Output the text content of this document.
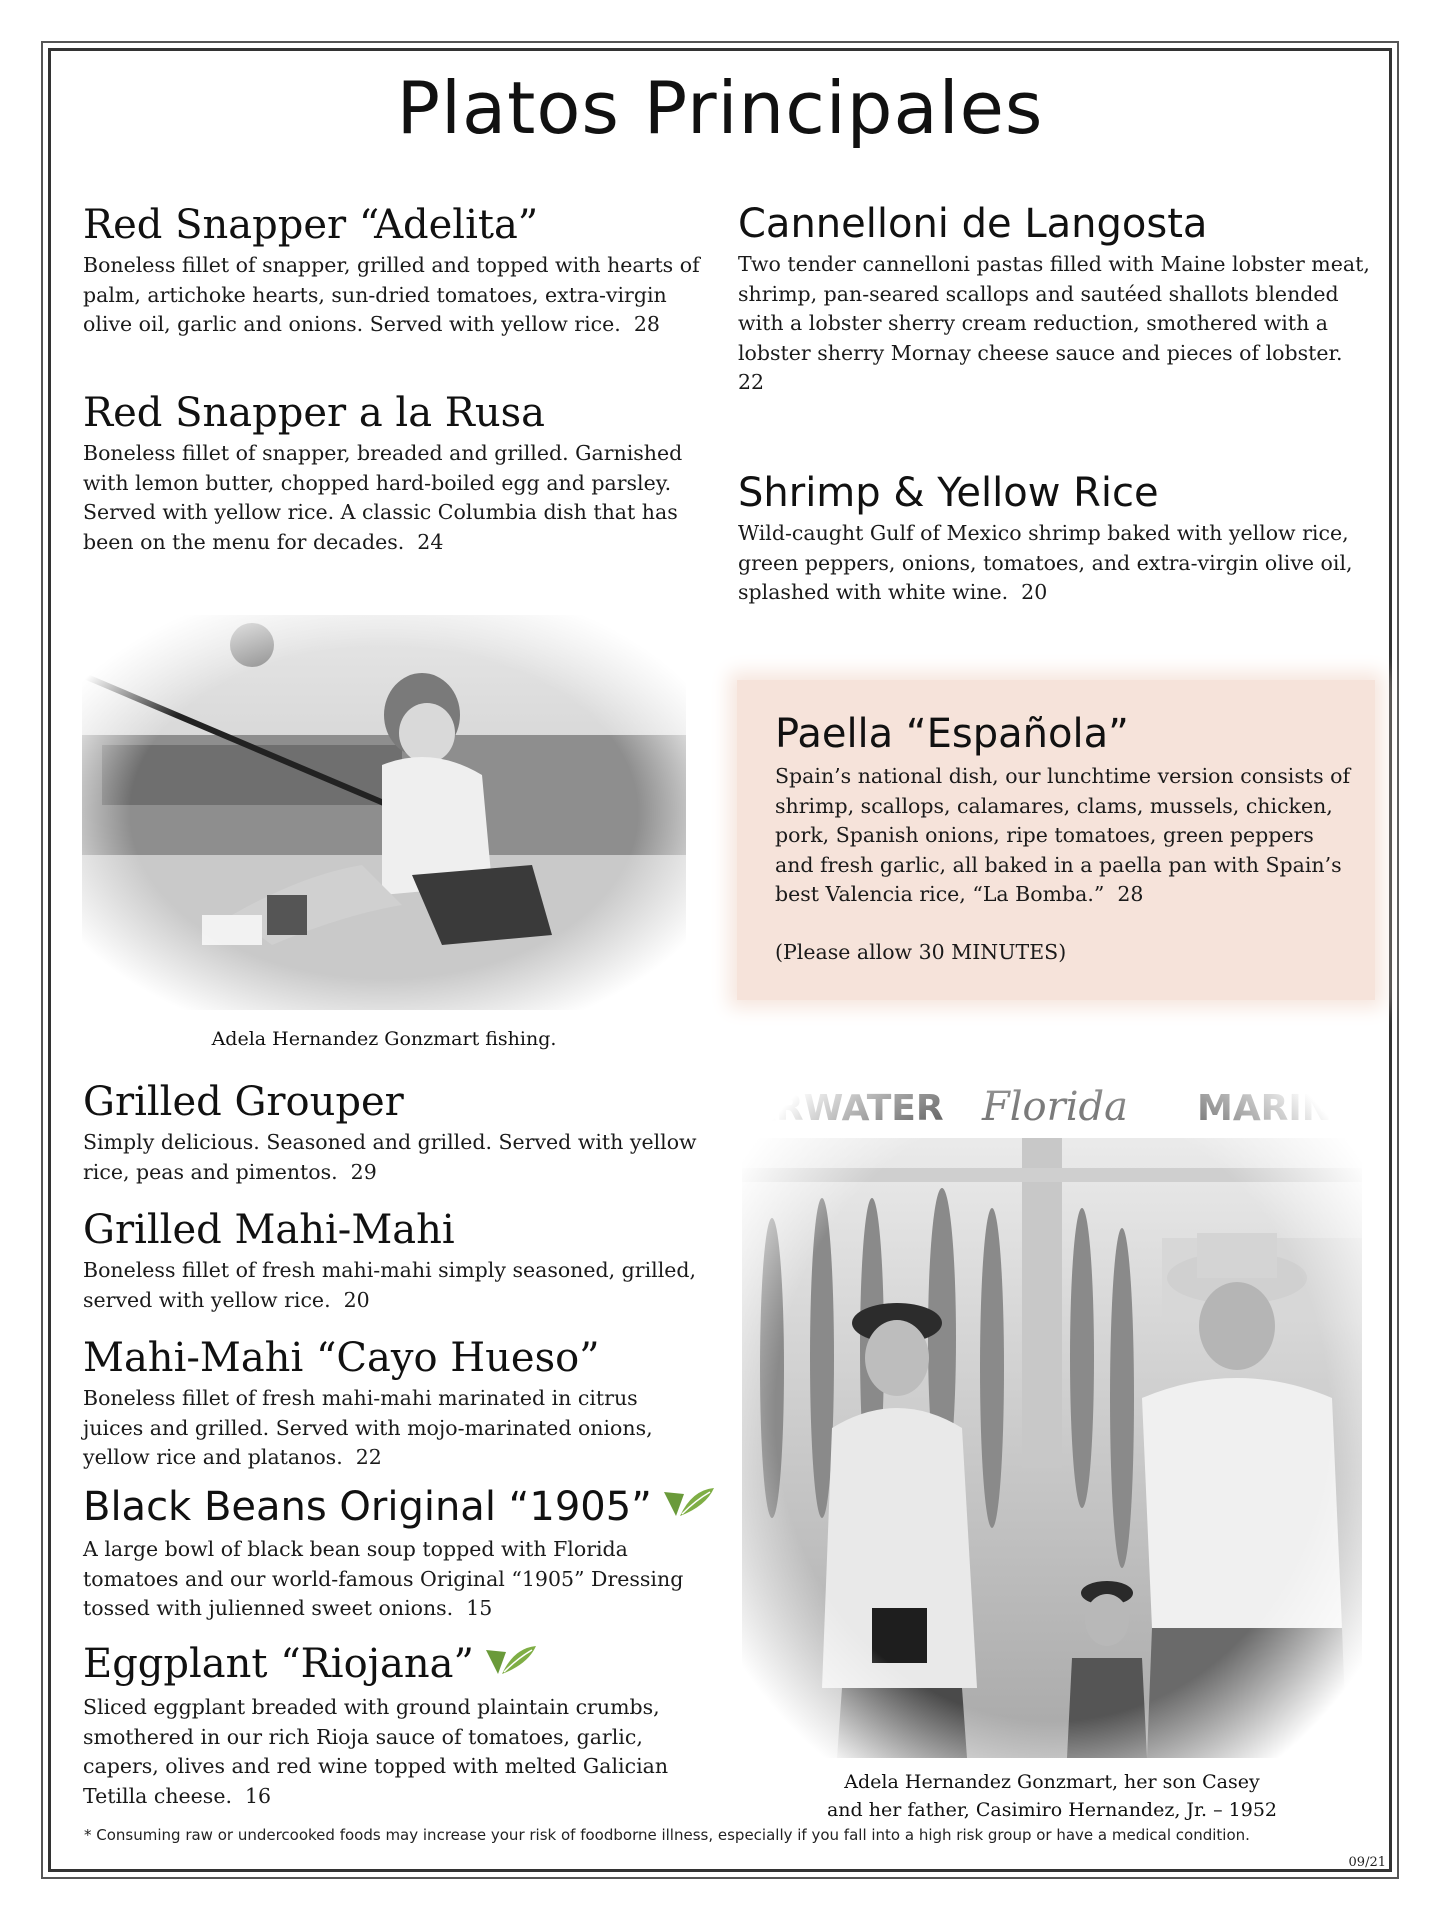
Platos Principales
Red Snapper “Adelita”

Boneless fillet of snapper, grilled and topped with hearts of palm, artichoke hearts, sun-dried tomatoes, extra-virgin olive oil, garlic and onions. Served with yellow rice.  28

Red Snapper a la Rusa

Boneless fillet of snapper, breaded and grilled. Garnished with lemon butter, chopped hard-boiled egg and parsley. Served with yellow rice. A classic Columbia dish that has been on the menu for decades.  24

Cannelloni de Langosta

Two tender cannelloni pastas filled with Maine lobster meat, shrimp, pan-seared scallops and sautéed shallots blended with a lobster sherry cream reduction, smothered with a lobster sherry Mornay cheese sauce and pieces of lobster.   22

Shrimp & Yellow Rice

Wild-caught Gulf of Mexico shrimp baked with yellow rice, green peppers, onions, tomatoes, and extra-virgin olive oil, splashed with white wine.  20

Adela Hernandez Gonzmart fishing.
Paella “Española”

Spain’s national dish, our lunchtime version consists of shrimp, scallops, calamares, clams, mussels, chicken, pork, Spanish onions, ripe tomatoes, green peppers and fresh garlic, all baked in a paella pan with Spain’s best Valencia rice, “La Bomba.”  28

(Please allow 30 MINUTES)

Grilled Grouper

Simply delicious. Seasoned and grilled. Served with yellow rice, peas and pimentos.  29

Grilled Mahi-Mahi

Boneless fillet of fresh mahi-mahi simply seasoned, grilled, served with yellow rice.  20

Mahi-Mahi “Cayo Hueso”

Boneless fillet of fresh mahi-mahi marinated in citrus juices and grilled. Served with mojo-marinated onions, yellow rice and platanos.  22

Black Beans Original “1905”

A large bowl of black bean soup topped with Florida tomatoes and our world-famous Original “1905” Dressing tossed with julienned sweet onions.  15

Eggplant “Riojana”

Sliced eggplant breaded with ground plaintain crumbs, smothered in our rich Rioja sauce of tomatoes, garlic, capers, olives and red wine topped with melted Galician Tetilla cheese.  16

Adela Hernandez Gonzmart, her son Casey
and her father, Casimiro Hernandez, Jr. – 1952
* Consuming raw or undercooked foods may increase your risk of foodborne illness, especially if you fall into a high risk group or have a medical condition.
09/21
